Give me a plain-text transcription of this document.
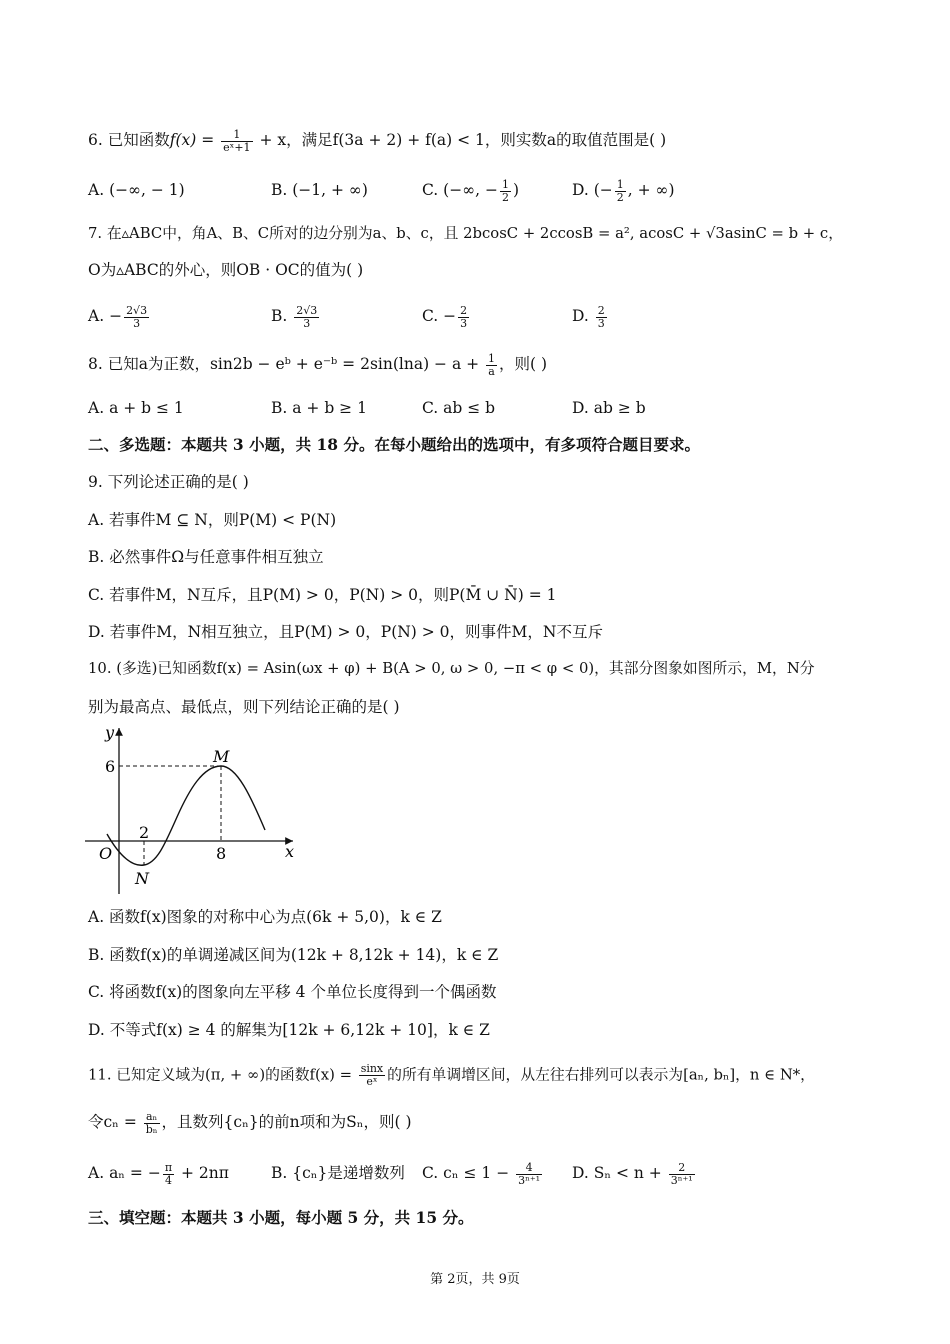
6. 已知函数$f(x) = \frac{1}{\text{eˣ+1}} + x$，满足f(3a + 2) + f(a) < 1，则实数a的取值范围是( )
A. (−∞, − 1)	B. (−1, + ∞)	C. (−∞, − $\frac{1}{2}$ )	D. (− $\frac{1}{2}$ , + ∞)
7. 在▵ABC中，角A、B、C所对的边分别为a、b、c，且 2bcosC + 2ccosB = a², acosC + √3asinC = b + c，
O为▵ABC的外心，则OB · OC的值为( )
A. − $\frac{2√3}{3}$	B. $\frac{2√3}{3}$	C. − $\frac{2}{3}$	D. $\frac{2}{3}$
8. 已知a为正数，sin2b − eᵇ + e⁻ᵇ = $2\sin(\ln a) - a + \frac{1}{a}$ ，则( )
A. a + b ≤ 1	B. a + b ≥ 1	C. ab ≤ b	D. ab ≥ b
二、多选题：本题共 3 小题，共 18 分。在每小题给出的选项中，有多项符合题目要求。
9. 下列论述正确的是( )
A. 若事件M ⊆ N，则P(M) < P(N)
B. 必然事件Ω与任意事件相互独立
C. 若事件M，N互斥，且P(M) > 0，P(N) > 0，则P(M̄ ∪ N̄) = 1
D. 若事件M，N相互独立，且P(M) > 0，P(N) > 0，则事件M，N不互斥
10. (多选)已知函数f(x) = Asin(ωx + φ) + B(A > 0, ω > 0, −π < φ < 0)，其部分图象如图所示，M，N分
别为最高点、最低点，则下列结论正确的是( )
y
x
O
6
2
8
M
N
A. 函数f(x)图象的对称中心为点(6k + 5,0)，k ∈ Z
B. 函数f(x)的单调递减区间为(12k + 8,12k + 14)，k ∈ Z
C. 将函数f(x)的图象向左平移 4 个单位长度得到一个偶函数
D. 不等式f(x) ≥ 4 的解集为[12k + 6,12k + 10]，k ∈ Z
11. 已知定义域为(π, + ∞)的函数$f(x) = \frac{\sin x}{\text{eˣ}}$ 的所有单调增区间，从左往右排列可以表示为[aₙ, bₙ]，n ∈ N*，
令$c_n = \frac{\text{aₙ}}{\text{bₙ}}$ ，且数列{cₙ}的前n项和为Sₙ，则( )
A. aₙ = − $\frac{\pi}{4} + 2n\pi$	B. {cₙ}是递增数列 C. $c_n \le 1 - \frac{4}{\text{3ⁿ⁺¹}} D$. $S_n < n + \frac{2}{\text{3ⁿ⁺¹}}$
三、填空题：本题共 3 小题，每小题 5 分，共 15 分。
第 2页，共 9页
